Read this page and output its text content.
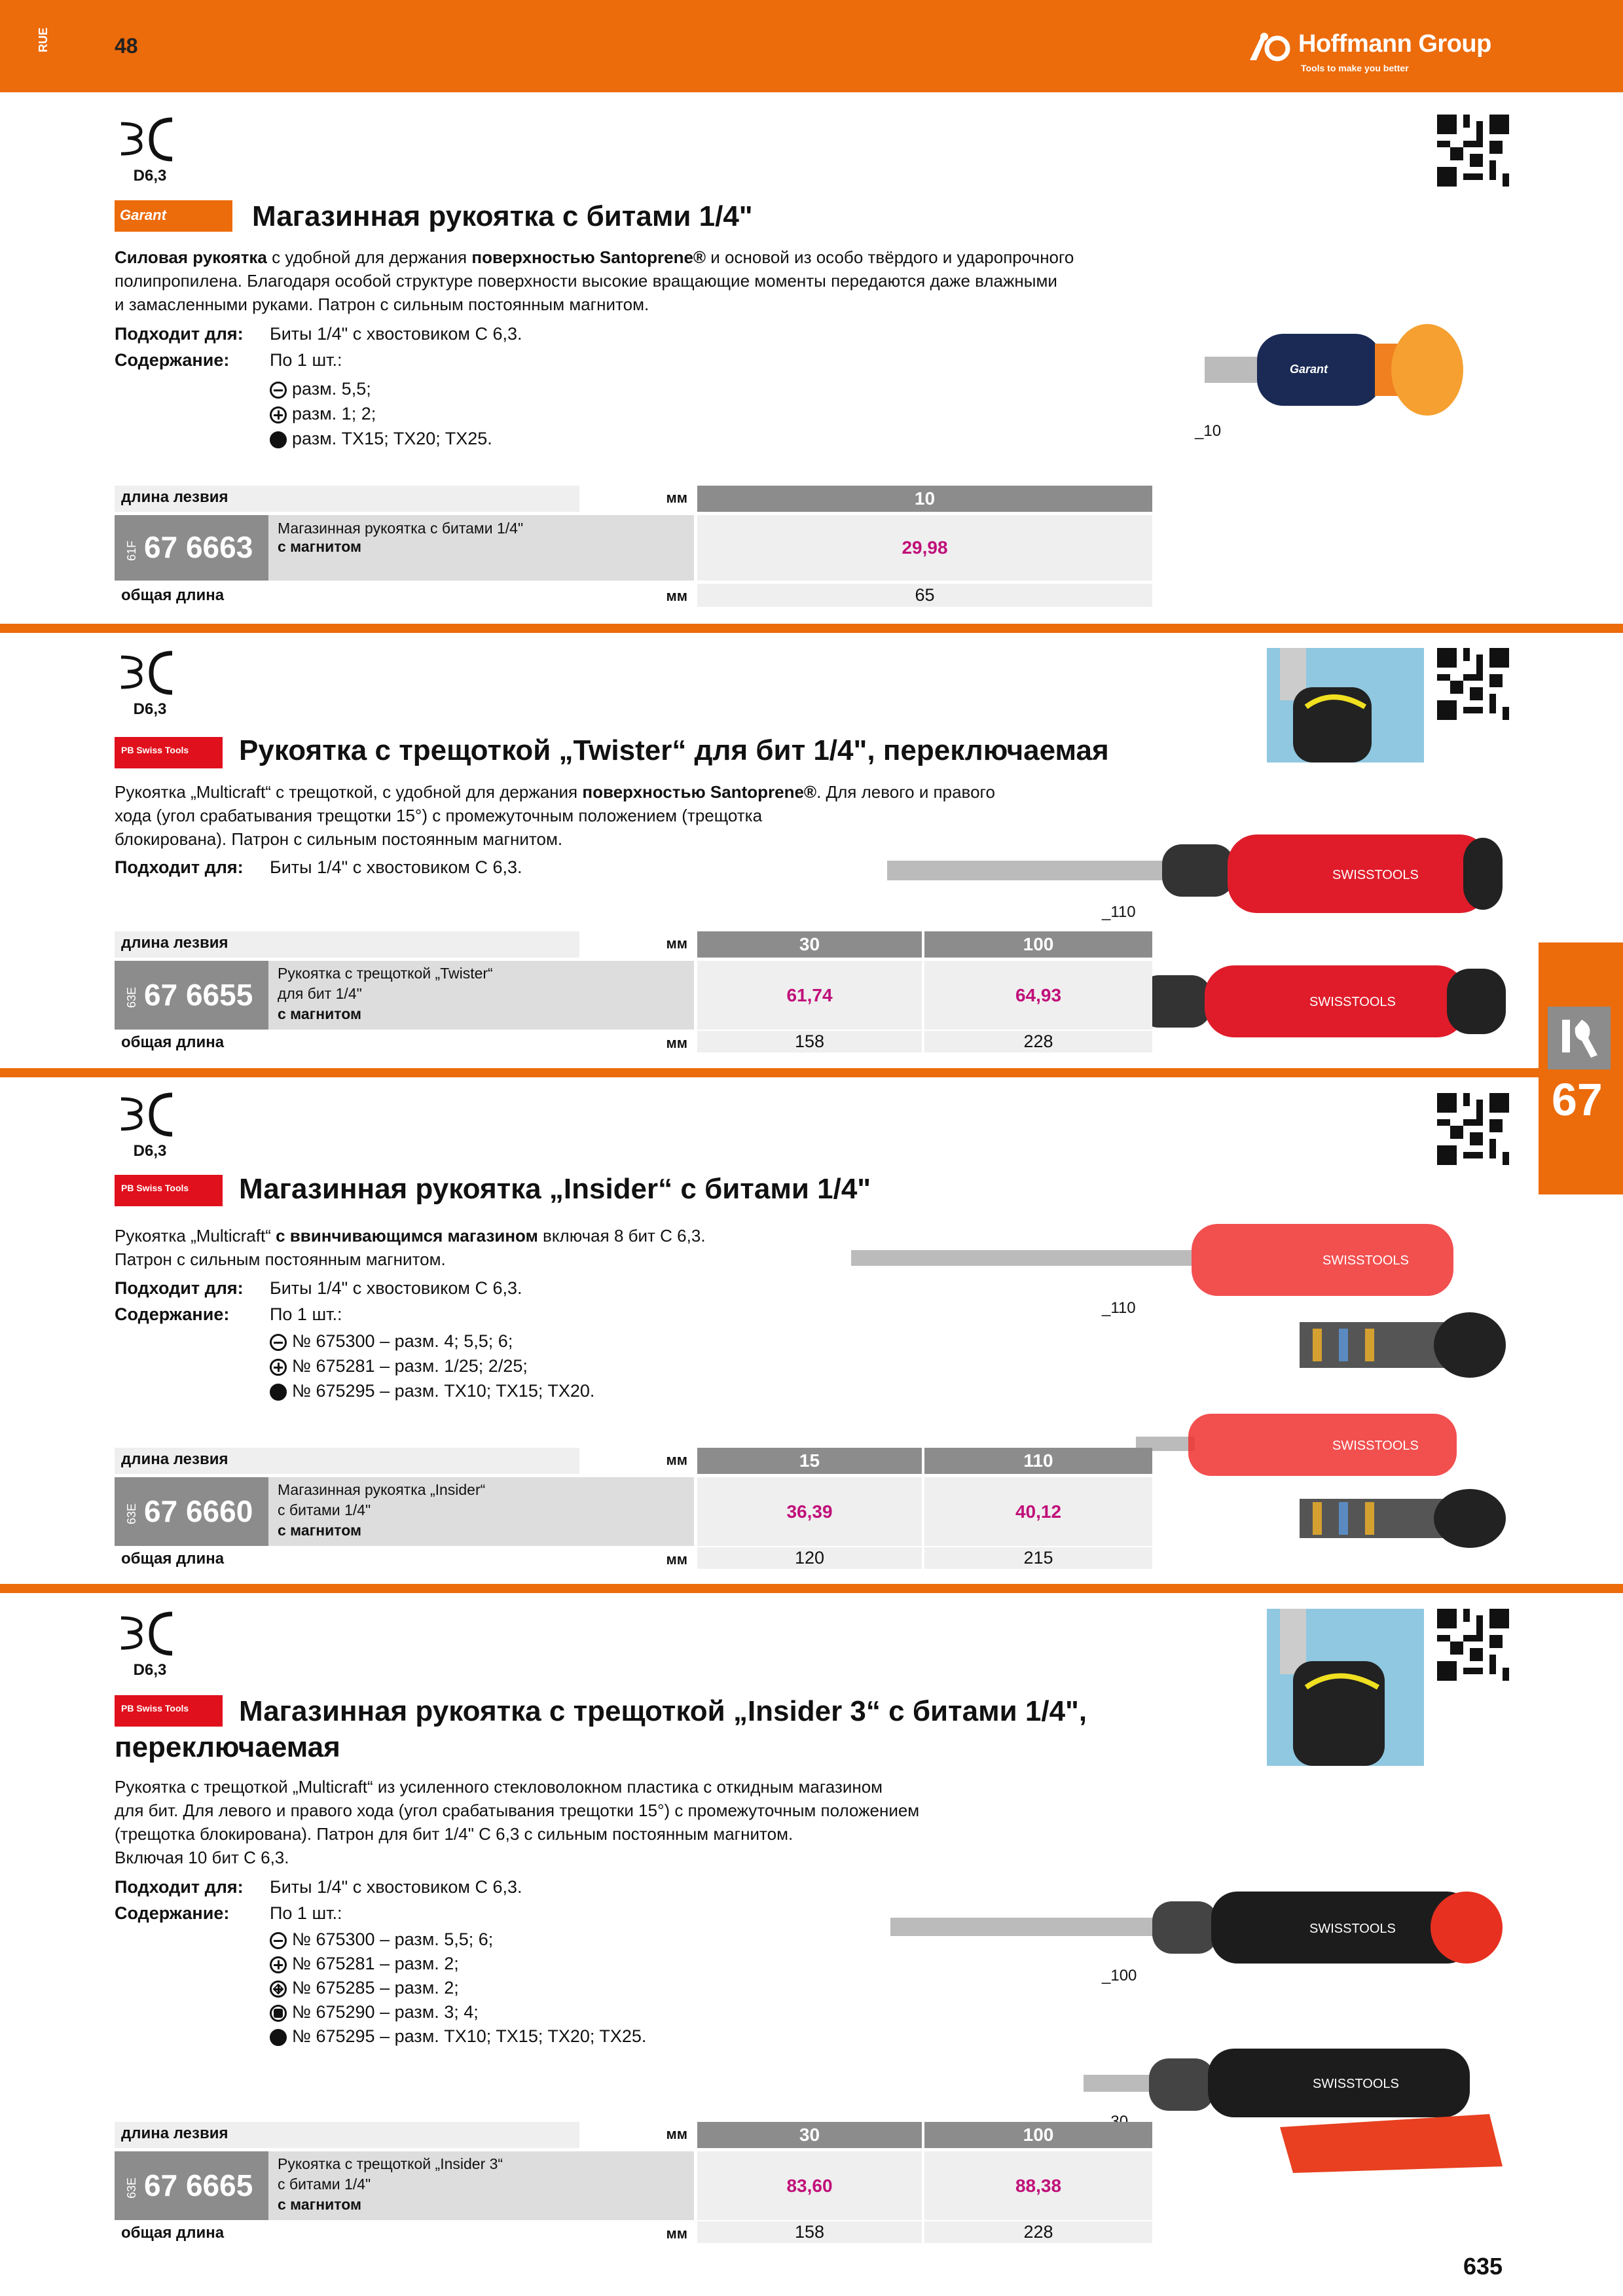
RUE	48	Hoffmann Group
Tools to make you better
67
D6,3
Garant	Магазинная рукоятка с битами 1/4"
Силовая рукоятка с удобной для держания поверхностью Santoprene® и основой из особо твёрдого и ударопрочного
полипропилена. Благодаря особой структуре поверхности высокие вращающие моменты передаются даже влажными
и замасленными руками. Патрон с сильным постоянным магнитом.
Подходит для: Биты 1/4" с хвостовиком C 6,3.
Содержание: По 1 шт.:
разм. 5,5;
разм. 1; 2;
разм. TX15; TX20; TX25.
Garant
_10
длина лезвия	мм	10
61F 67 6663
Магазинная рукоятка с битами 1/4"
с магнитом	29,98
общая длина	мм	65
D6,3
PB Swiss Tools	Рукоятка с трещоткой „Twister“ для бит 1/4", переключаемая
Рукоятка „Multicraft“ с трещоткой, с удобной для держания поверхностью Santoprene®. Для левого и правого
хода (угол срабатывания трещотки 15°) с промежуточным положением (трещотка
блокирована). Патрон с сильным постоянным магнитом.
Подходит для: Биты 1/4" с хвостовиком C 6,3.	SWISSTOOLS
_110
SWISSTOOLS
длина лезвия	мм	30	100
63E 67 6655
Рукоятка с трещоткой „Twister“
для бит 1/4"
с магнитом
61,74	64,93
общая длина	мм	158	228
D6,3
PB Swiss Tools	Магазинная рукоятка „Insider“ с битами 1/4"
Рукоятка „Multicraft“ с ввинчивающимся магазином включая 8 бит C 6,3.
Патрон с сильным постоянным магнитом.
Подходит для: Биты 1/4" с хвостовиком C 6,3.
Содержание: По 1 шт.:
№ 675300 – разм. 4; 5,5; 6;
№ 675281 – разм. 1/25; 2/25;
№ 675295 – разм. TX10; TX15; TX20.
SWISSTOOLS
_110
SWISSTOOLS
длина лезвия	мм	15	110
63E 67 6660
Магазинная рукоятка „Insider“
с битами 1/4"
с магнитом
36,39	40,12
общая длина	мм	120	215
D6,3
PB Swiss Tools	Магазинная рукоятка с трещоткой „Insider 3“ с битами 1/4",
переключаемая
Рукоятка с трещоткой „Multicraft“ из усиленного стекловолокном пластика с откидным магазином
для бит. Для левого и правого хода (угол срабатывания трещотки 15°) с промежуточным положением
(трещотка блокирована). Патрон для бит 1/4" C 6,3 с сильным постоянным магнитом.
Включая 10 бит C 6,3.
Подходит для: Биты 1/4" с хвостовиком C 6,3.
Содержание: По 1 шт.:
№ 675300 – разм. 5,5; 6;
№ 675281 – разм. 2;
№ 675285 – разм. 2;
№ 675290 – разм. 3; 4;
№ 675295 – разм. TX10; TX15; TX20; TX25.
SWISSTOOLS
_100
SWISSTOOLS
длина лезвия	мм	30	100
63E 67 6665
Рукоятка с трещоткой „Insider 3“
с битами 1/4"
с магнитом
83,60	88,38
общая длина	мм	158	228
635
